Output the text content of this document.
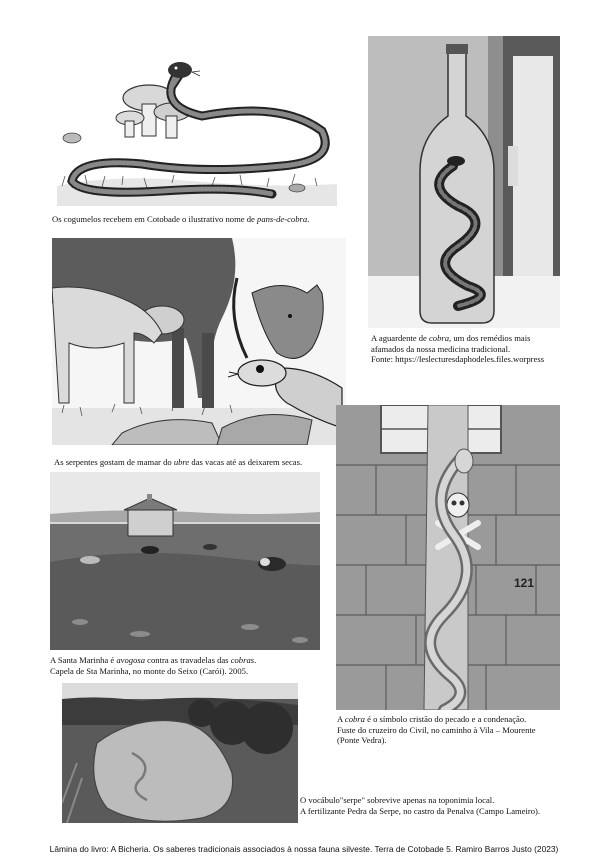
Os cogumelos recebem em Cotobade o ilustrativo nome de pans-de-cobra.
A aguardente de cobra, um dos remédios mais
afamados da nossa medicina tradicional.
Fonte: https://leslecturesdaphodeles.files.worpress
As serpentes gostam de mamar do ubre das vacas até as deixarem secas.
121
A cobra é o símbolo cristão do pecado e a condenação.
Fuste do cruzeiro do Civil, no caminho à Vila – Mourente
(Ponte Vedra).
A Santa Marinha é avogosa contra as travadelas das cobras.
Capela de Sta Marinha, no monte do Seixo (Carói). 2005.
O vocábulo"serpe" sobrevive apenas na toponimia local.
A fertilizante Pedra da Serpe, no castro da Penalva (Campo Lameiro).
Lâmina do livro: A Bicheria. Os saberes tradicionais associados à nossa fauna silveste. Terra de Cotobade 5. Ramiro Barros Justo (2023)
